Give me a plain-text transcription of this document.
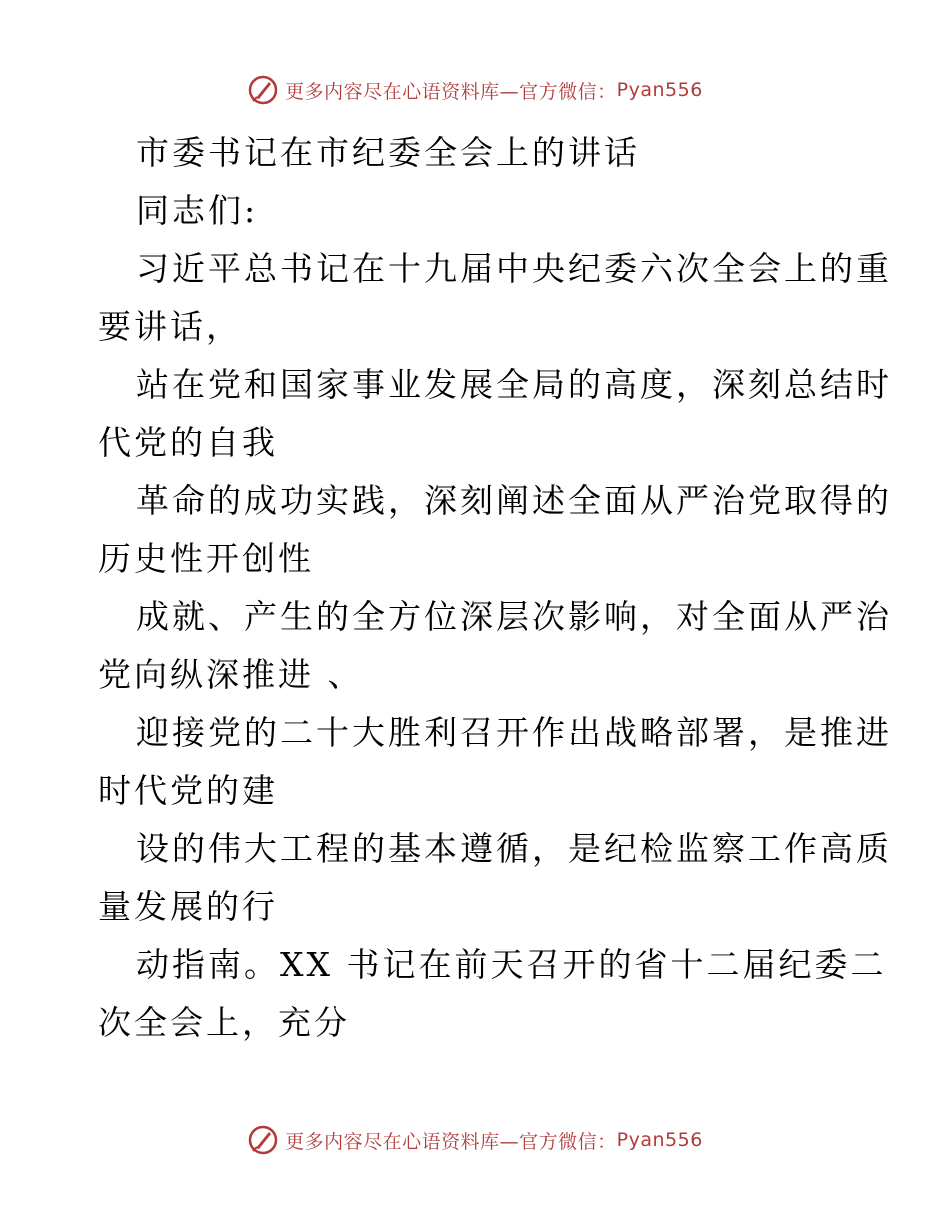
更多内容尽在心语资料库—官方微信： Pyan556
市委书记在市纪委全会上的讲话
同志们:
习近平总书记在十九届中央纪委六次全会上的重
要讲话，
站在党和国家事业发展全局的高度，深刻总结时
代党的自我
革命的成功实践，深刻阐述全面从严治党取得的
历史性开创性
成就、产生的全方位深层次影响，对全面从严治
党向纵深推进 、
迎接党的二十大胜利召开作出战略部署，是推进
时代党的建
设的伟大工程的基本遵循，是纪检监察工作高质
量发展的行
动指南。XX 书记在前天召开的省十二届纪委二
次全会上，充分
更多内容尽在心语资料库—官方微信： Pyan556
